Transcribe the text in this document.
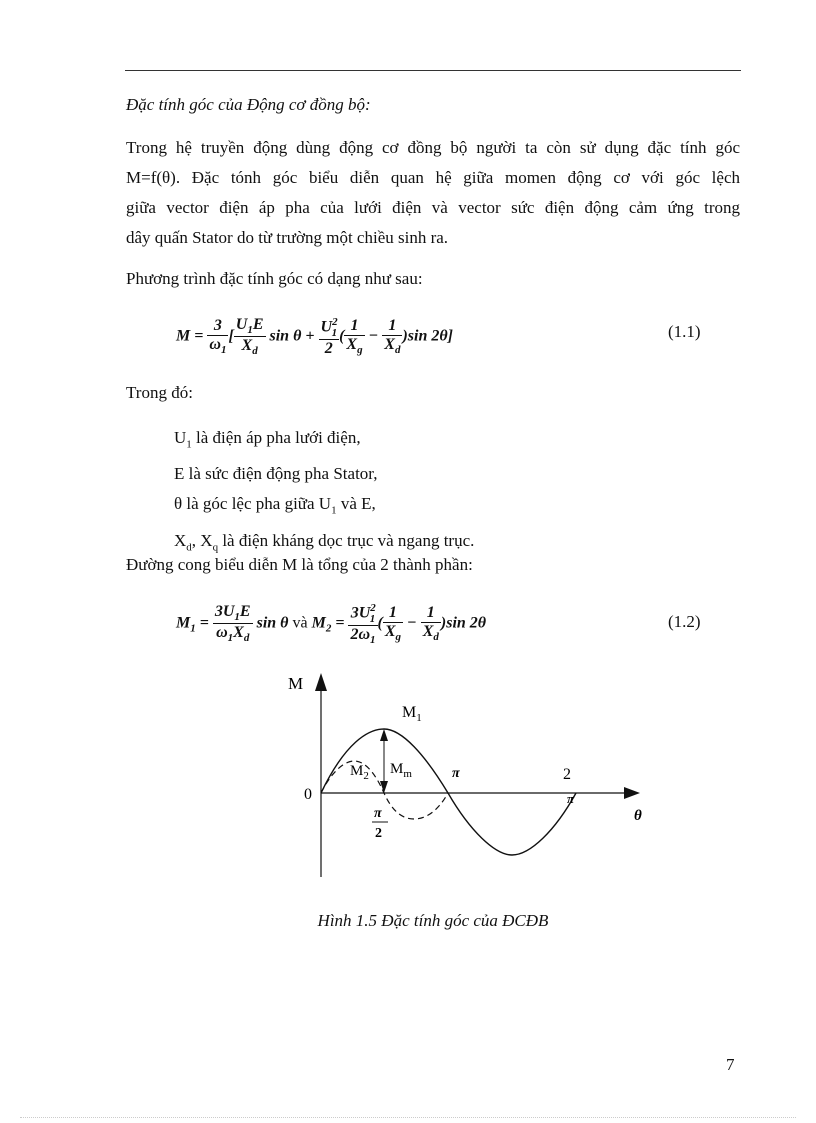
Đặc tính góc của Động cơ đồng bộ:
Trong hệ truyền động dùng động cơ đồng bộ người ta còn sử dụng đặc tính góc
M=f(θ). Đặc tónh góc biểu diễn quan hệ giữa momen động cơ với góc lệch
giữa vector điện áp pha của lưới điện và vector sức điện động cảm ứng trong
dây quấn Stator do từ trường một chiều sinh ra.
Phương trình đặc tính góc có dạng như sau:
$M = \frac{3}{\omega_1}$ [ $\frac{U_1E}{X_d}$ $\sin \theta + \frac{U^2_1}{2}$ ( $\frac{1}{X_g} - \frac{1}{X_d} )\sin$ 2θ]	(1.1)
Trong đó:
$U_1$ là điện áp pha lưới điện,
E là sức điện động pha Stator,
θ là góc lệc pha giữa $U_1$ và E,
$X_d$, $X_q$ là điện kháng dọc trục và ngang trục.
Đường cong biểu diễn M là tổng của 2 thành phần:
$M_1 = \frac{3U_1E}{\omega_1X_d}$ sin θ và $M_2 = \frac{3U^2_1}{2\omega_1}$ ( $\frac{1}{X_g} - \frac{1}{X_d} )\sin$ 2θ	(1.2)
M
θ
0
$M_1$
$M_2$ $M_m$	π
π
2
2
π
Hình 1.5 Đặc tính góc của ĐCĐB
7
